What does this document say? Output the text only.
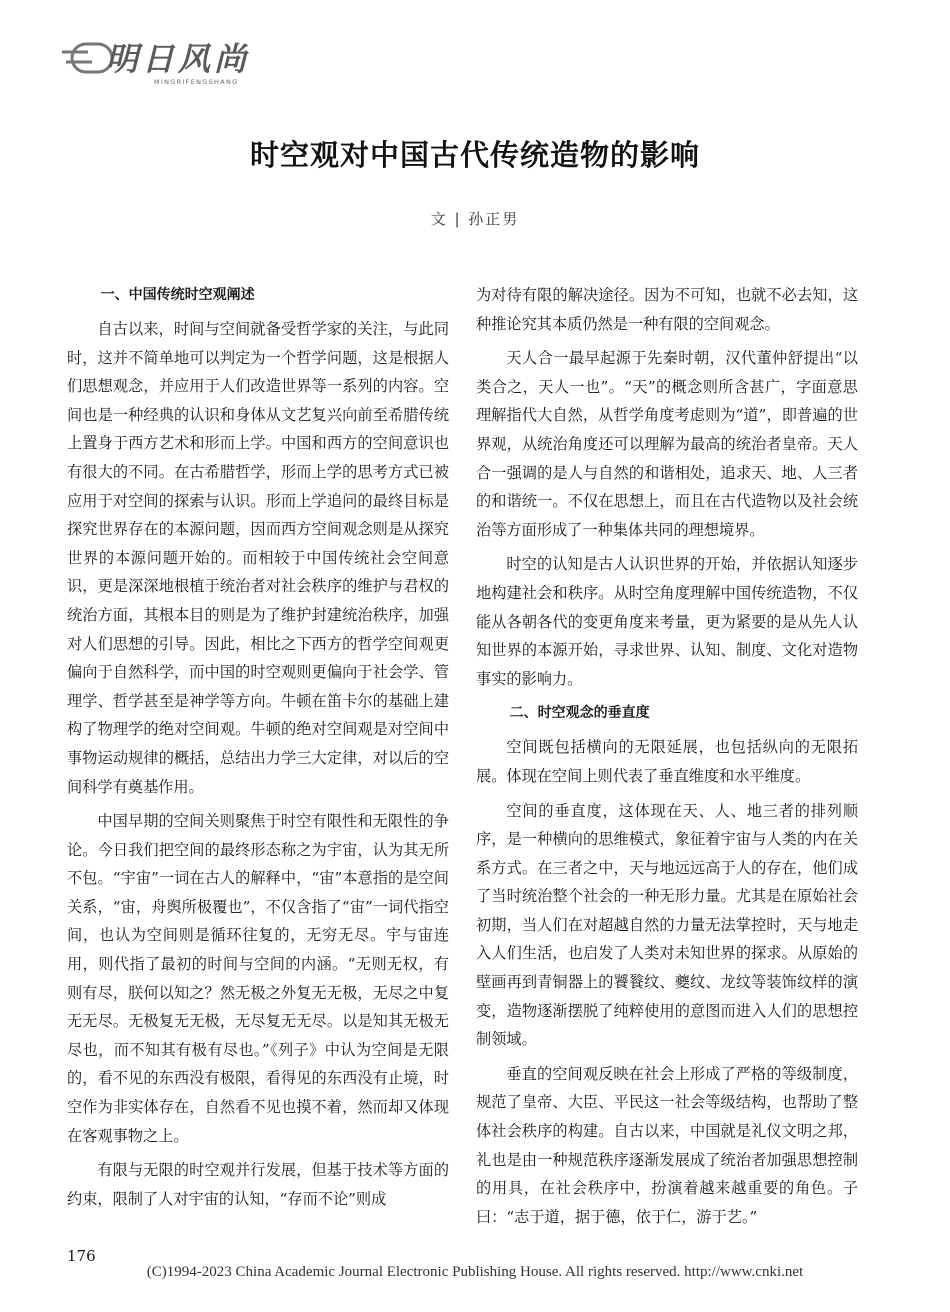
明日风尚
MINGRIFENGSHANG
时空观对中国古代传统造物的影响
文 | 孙正男
一、中国传统时空观阐述

自古以来，时间与空间就备受哲学家的关注，与此同时，这并不简单地可以判定为一个哲学问题，这是根据人们思想观念，并应用于人们改造世界等一系列的内容。空间也是一种经典的认识和身体从文艺复兴向前至希腊传统上置身于西方艺术和形而上学。中国和西方的空间意识也有很大的不同。在古希腊哲学，形而上学的思考方式已被应用于对空间的探索与认识。形而上学追问的最终目标是探究世界存在的本源问题，因而西方空间观念则是从探究世界的本源问题开始的。而相较于中国传统社会空间意识，更是深深地根植于统治者对社会秩序的维护与君权的统治方面，其根本目的则是为了维护封建统治秩序，加强对人们思想的引导。因此，相比之下西方的哲学空间观更偏向于自然科学，而中国的时空观则更偏向于社会学、管理学、哲学甚至是神学等方向。牛顿在笛卡尔的基础上建构了物理学的绝对空间观。牛顿的绝对空间观是对空间中事物运动规律的概括，总结出力学三大定律，对以后的空间科学有奠基作用。

中国早期的空间关则聚焦于时空有限性和无限性的争论。今日我们把空间的最终形态称之为宇宙，认为其无所不包。“宇宙”一词在古人的解释中，“宙”本意指的是空间关系，“宙，舟舆所极覆也”，不仅含指了“宙”一词代指空间，也认为空间则是循环往复的，无穷无尽。宇与宙连用，则代指了最初的时间与空间的内涵。“无则无权，有则有尽，朕何以知之？然无极之外复无无极，无尽之中复无无尽。无极复无无极，无尽复无无尽。以是知其无极无尽也，而不知其有极有尽也。”《列子》中认为空间是无限的，看不见的东西没有极限，看得见的东西没有止境，时空作为非实体存在，自然看不见也摸不着，然而却又体现在客观事物之上。

有限与无限的时空观并行发展，但基于技术等方面的约束，限制了人对宇宙的认知，“存而不论”则成

为对待有限的解决途径。因为不可知，也就不必去知，这种推论究其本质仍然是一种有限的空间观念。

天人合一最早起源于先秦时朝，汉代董仲舒提出“以类合之，天人一也”。“天”的概念则所含甚广，字面意思理解指代大自然，从哲学角度考虑则为“道”，即普遍的世界观，从统治角度还可以理解为最高的统治者皇帝。天人合一强调的是人与自然的和谐相处，追求天、地、人三者的和谐统一。不仅在思想上，而且在古代造物以及社会统治等方面形成了一种集体共同的理想境界。

时空的认知是古人认识世界的开始，并依据认知逐步地构建社会和秩序。从时空角度理解中国传统造物，不仅能从各朝各代的变更角度来考量，更为紧要的是从先人认知世界的本源开始，寻求世界、认知、制度、文化对造物事实的影响力。

二、时空观念的垂直度

空间既包括横向的无限延展，也包括纵向的无限拓展。体现在空间上则代表了垂直维度和水平维度。

空间的垂直度，这体现在天、人、地三者的排列顺序，是一种横向的思维模式，象征着宇宙与人类的内在关系方式。在三者之中，天与地远远高于人的存在，他们成了当时统治整个社会的一种无形力量。尤其是在原始社会初期，当人们在对超越自然的力量无法掌控时，天与地走入人们生活，也启发了人类对未知世界的探求。从原始的壁画再到青铜器上的饕餮纹、夔纹、龙纹等装饰纹样的演变，造物逐渐摆脱了纯粹使用的意图而进入人们的思想控制领域。

垂直的空间观反映在社会上形成了严格的等级制度，规范了皇帝、大臣、平民这一社会等级结构，也帮助了整体社会秩序的构建。自古以来，中国就是礼仪文明之邦，礼也是由一种规范秩序逐渐发展成了统治者加强思想控制的用具，在社会秩序中，扮演着越来越重要的角色。子曰：“志于道，据于德，依于仁，游于艺。”

176
(C)1994-2023 China Academic Journal Electronic Publishing House. All rights reserved. http://www.cnki.net
